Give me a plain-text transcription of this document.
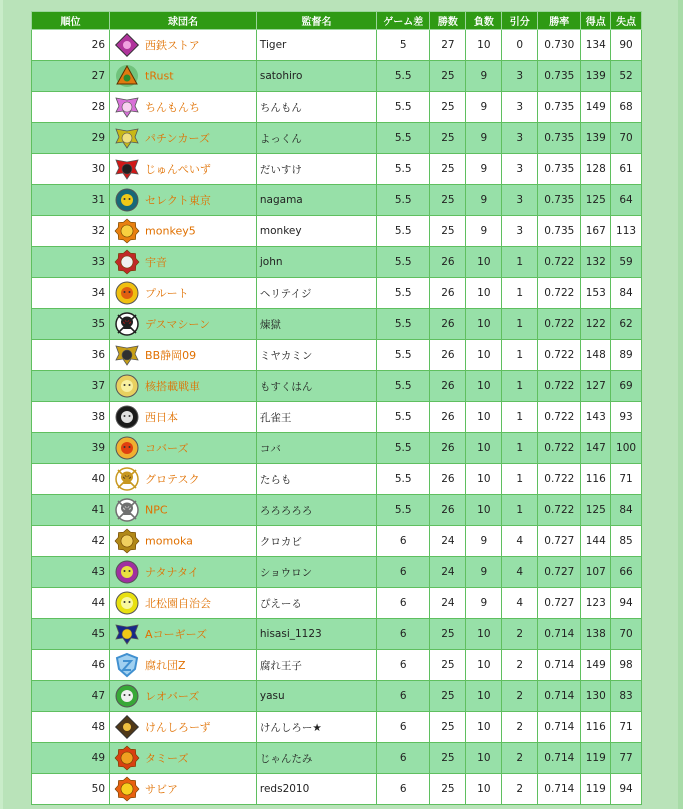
順位	球団名	監督名	ゲーム差	勝数	負数	引分	勝率	得点	失点
26	西鉄ストア	Tiger	5	27	10	0	0.730	134	90
27	tRust	satohiro	5.5	25	9	3	0.735	139	52
28	ちんもんち	ちんもん	5.5	25	9	3	0.735	149	68
29	パチンカーズ	よっくん	5.5	25	9	3	0.735	139	70
30	じゅんぺいず	だいすけ	5.5	25	9	3	0.735	128	61
31	セレクト東京	nagama	5.5	25	9	3	0.735	125	64
32	monkey5	monkey	5.5	25	9	3	0.735	167	113
33	宇音	john	5.5	26	10	1	0.722	132	59
34	プルート	ヘリテイジ	5.5	26	10	1	0.722	153	84
35	デスマシーン	煉獄	5.5	26	10	1	0.722	122	62
36	BB静岡09	ミヤカミン	5.5	26	10	1	0.722	148	89
37	核搭載戦車	もすくはん	5.5	26	10	1	0.722	127	69
38	西日本	孔雀王	5.5	26	10	1	0.722	143	93
39	コバーズ	コバ	5.5	26	10	1	0.722	147	100
40	グロテスク	たらも	5.5	26	10	1	0.722	116	71
41	NPC	ろろろろろ	5.5	26	10	1	0.722	125	84
42	momoka	クロカビ	6	24	9	4	0.727	144	85
43	ナタナタイ	ショウロン	6	24	9	4	0.727	107	66
44	北松園自治会	ぴえーる	6	24	9	4	0.727	123	94
45	Aコーギーズ	hisasi_1123	6	25	10	2	0.714	138	70
46	腐れ団Z	腐れ王子	6	25	10	2	0.714	149	98
47	レオバーズ	yasu	6	25	10	2	0.714	130	83
48	けんしろーず	けんしろー★	6	25	10	2	0.714	116	71
49	タミーズ	じゃんたみ	6	25	10	2	0.714	119	77
50	サビア	reds2010	6	25	10	2	0.714	119	94
